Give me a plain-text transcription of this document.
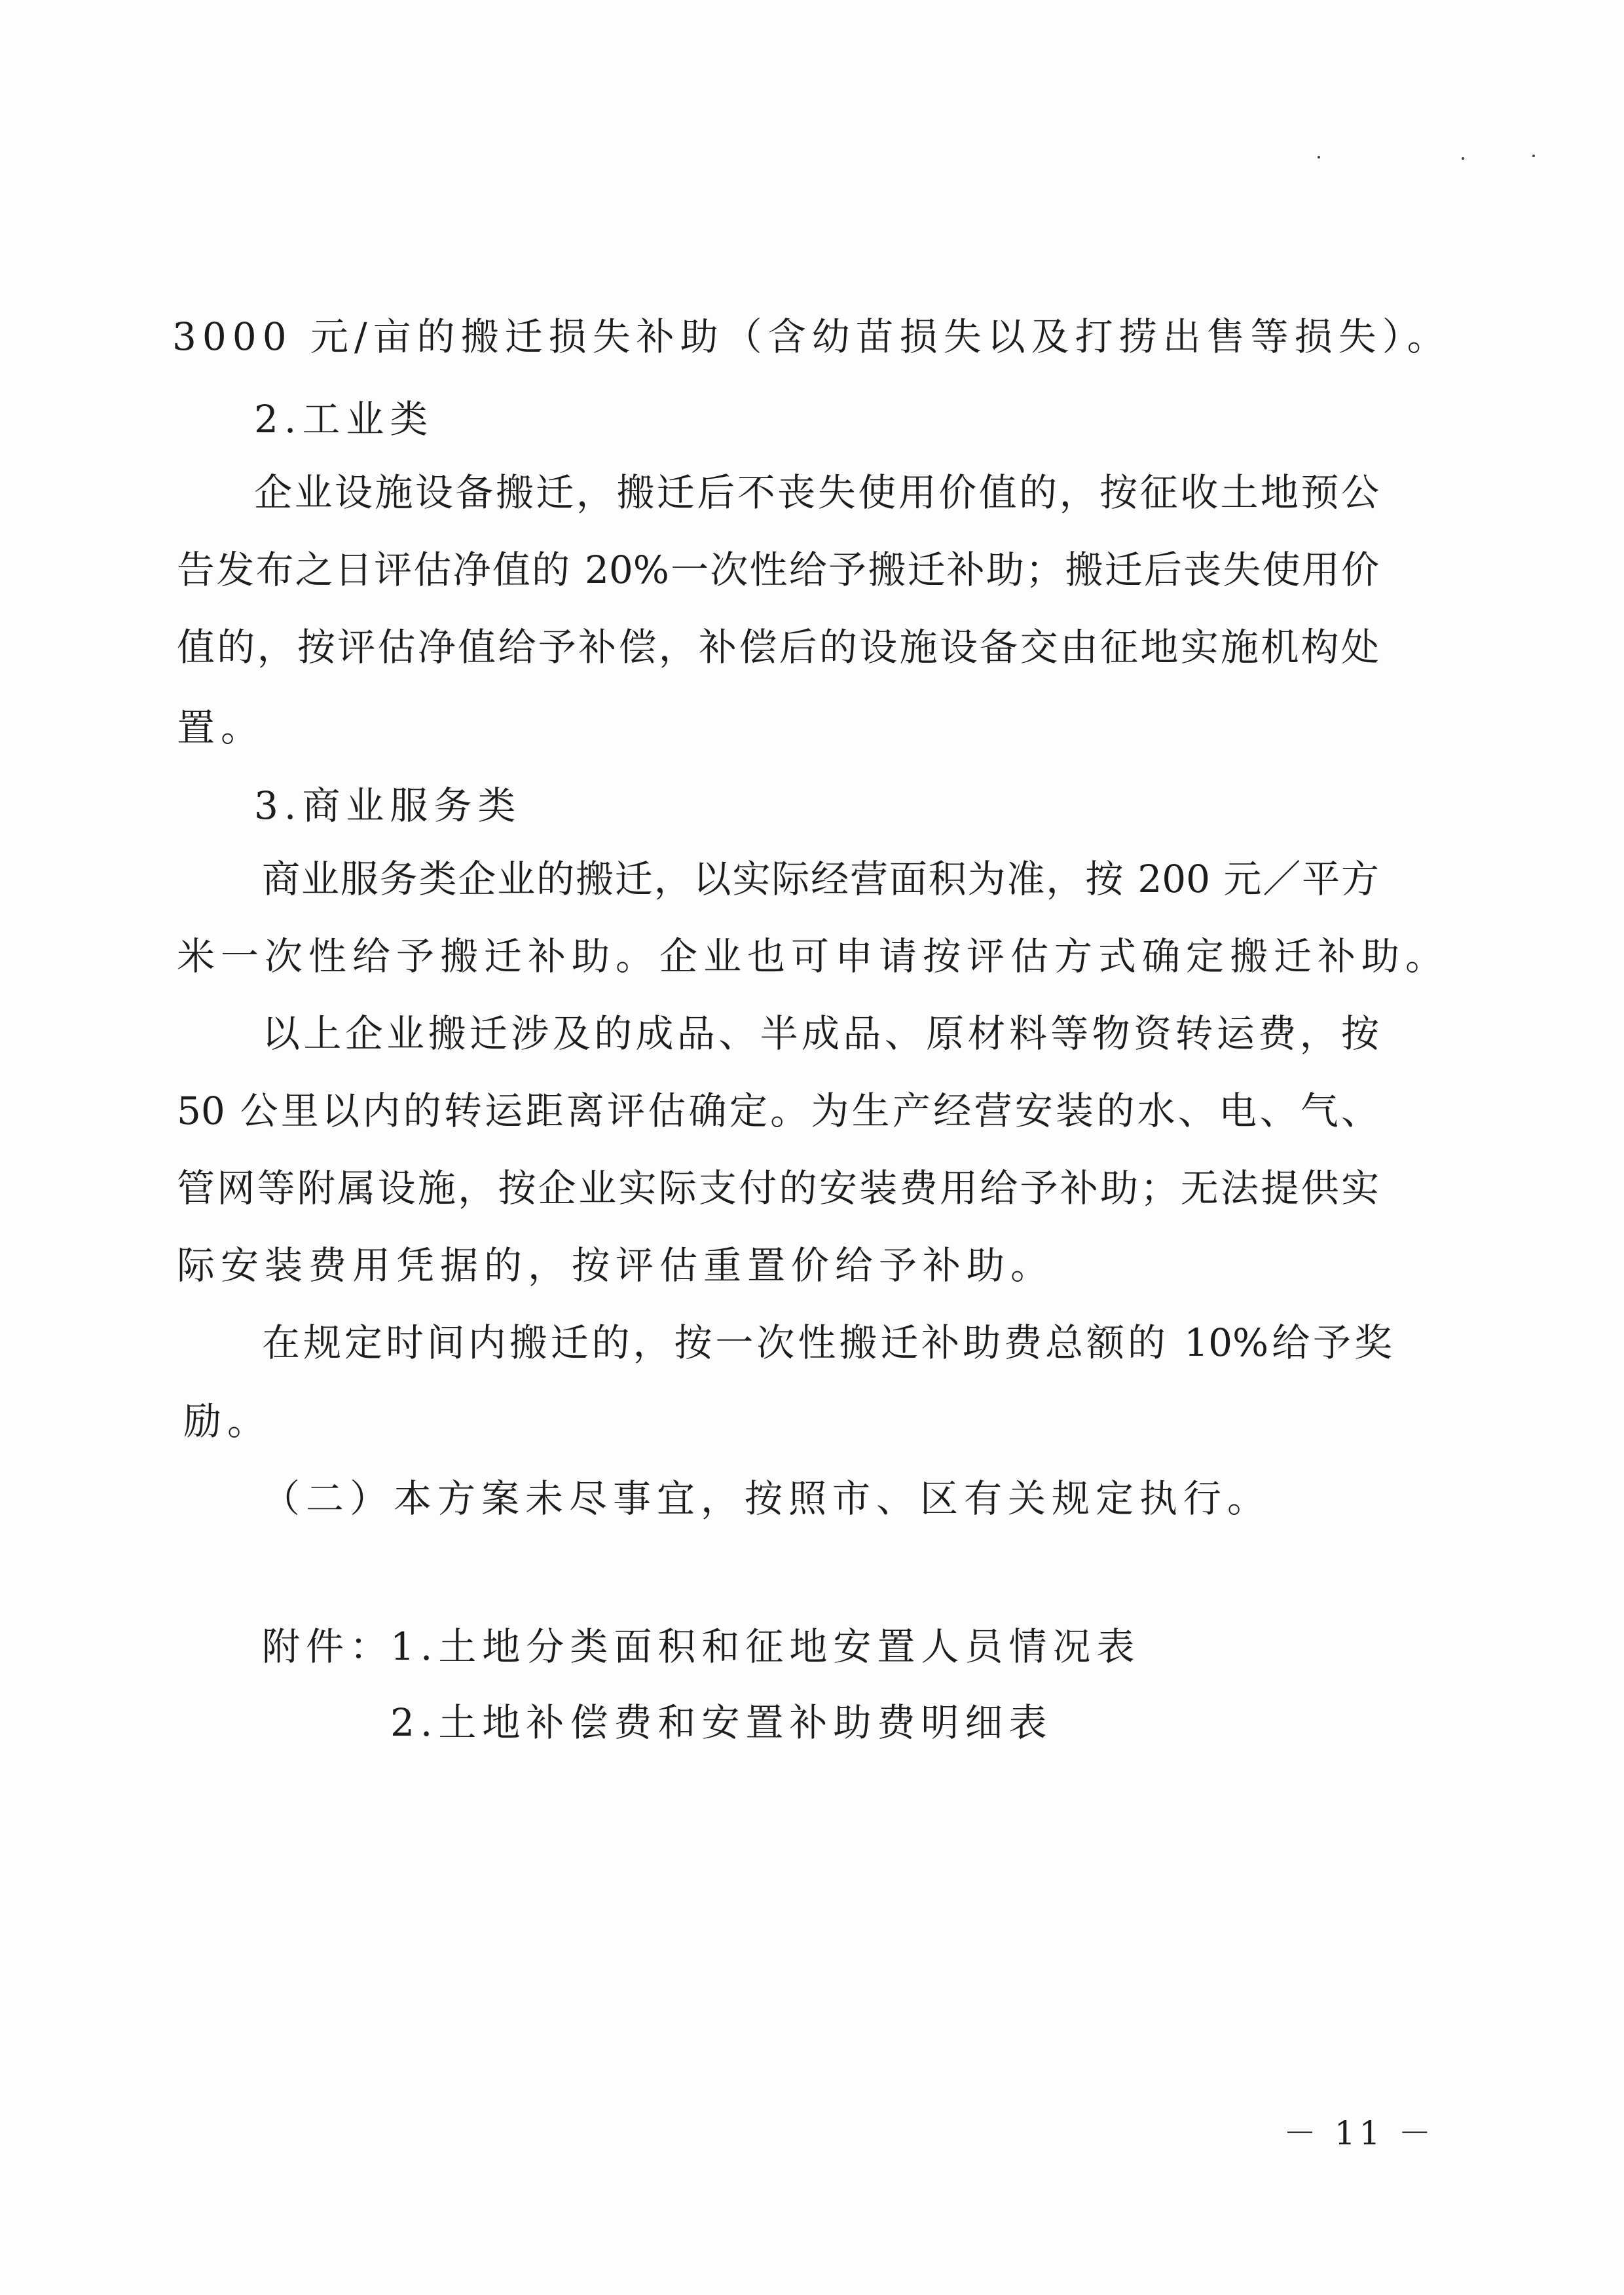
3000 元/亩的搬迁损失补助（含幼苗损失以及打捞出售等损失）。
2.工业类
企业设施设备搬迁，搬迁后不丧失使用价值的，按征收土地预公
告发布之日评估净值的 20%一次性给予搬迁补助；搬迁后丧失使用价
值的，按评估净值给予补偿，补偿后的设施设备交由征地实施机构处
置。
3.商业服务类
商业服务类企业的搬迁，以实际经营面积为准，按 200 元／平方
米一次性给予搬迁补助。企业也可申请按评估方式确定搬迁补助。
以上企业搬迁涉及的成品、半成品、原材料等物资转运费，按
50 公里以内的转运距离评估确定。为生产经营安装的水、电、气、
管网等附属设施，按企业实际支付的安装费用给予补助；无法提供实
际安装费用凭据的，按评估重置价给予补助。
在规定时间内搬迁的，按一次性搬迁补助费总额的 10%给予奖
励。
（二）本方案未尽事宜，按照市、区有关规定执行。
附件：
1.土地分类面积和征地安置人员情况表
2.土地补偿费和安置补助费明细表
－ 11 －
